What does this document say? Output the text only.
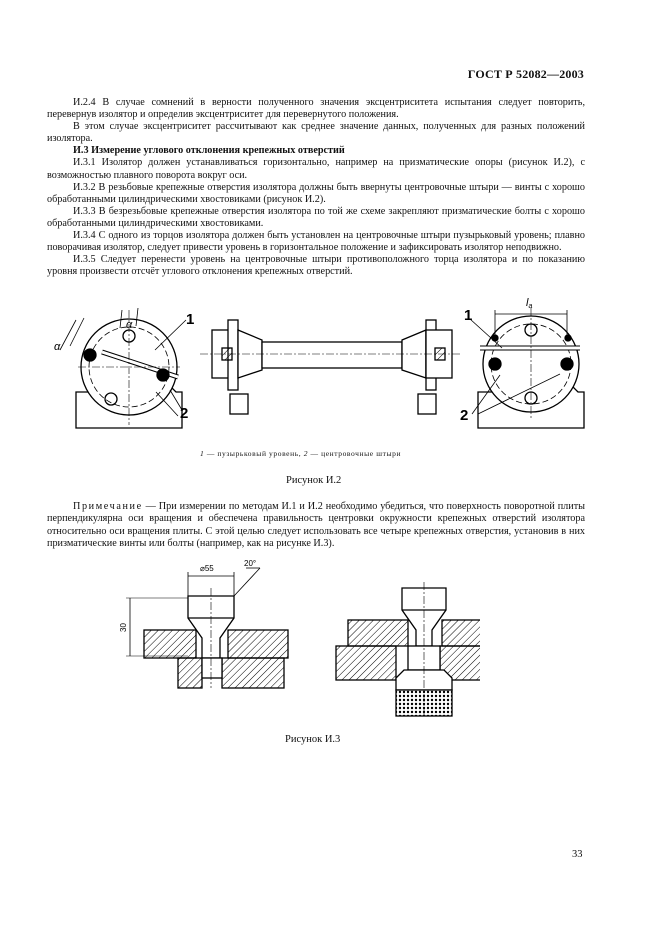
ГОСТ Р 52082—2003

И.2.4 В случае сомнений в верности полученного значения эксцентриситета испытания следует повторить, перевернув изолятор и определив эксцентриситет для перевернутого положения.

В этом случае эксцентриситет рассчитывают как среднее значение данных, полученных для разных положений изолятора.

И.3 Измерение углового отклонения крепежных отверстий

И.3.1 Изолятор должен устанавливаться горизонтально, например на призматические опоры (рисунок И.2), с возможностью плавного поворота вокруг оси.

И.3.2 В резьбовые крепежные отверстия изолятора должны быть ввернуты центровочные штыри — винты с хорошо обработанными цилиндрическими хвостовиками (рисунок И.2).

И.3.3 В безрезьбовые крепежные отверстия изолятора по той же схеме закрепляют призматические болты с хорошо обработанными цилиндрическими хвостовиками.

И.3.4 С одного из торцов изолятора должен быть установлен на центровочные штыри пузырьковый уровень; плавно поворачивая изолятор, следует привести уровень в горизонтальное положение и зафиксировать изолятор неподвижно.

И.3.5 Следует перенести уровень на центровочные штыри противоположного торца изолятора и по показанию уровня произвести отсчёт углового отклонения крепежных отверстий.

1
2
α
α
1
2
la
1 — пузырьковый уровень, 2 — центровочные штыри
Рисунок И.2

Примечание — При измерении по методам И.1 и И.2 необходимо убедиться, что поверхность поворотной плиты перпендикулярна оси вращения и обеспечена правильность центровки окружности крепежных отверстий изолятора относительно оси вращения плиты. С этой целью следует использовать все четыре крепежных отверстия, установив в них призматические винты или болты (например, как на рисунке И.3).

⌀55
20°
30
Рисунок И.3
33
